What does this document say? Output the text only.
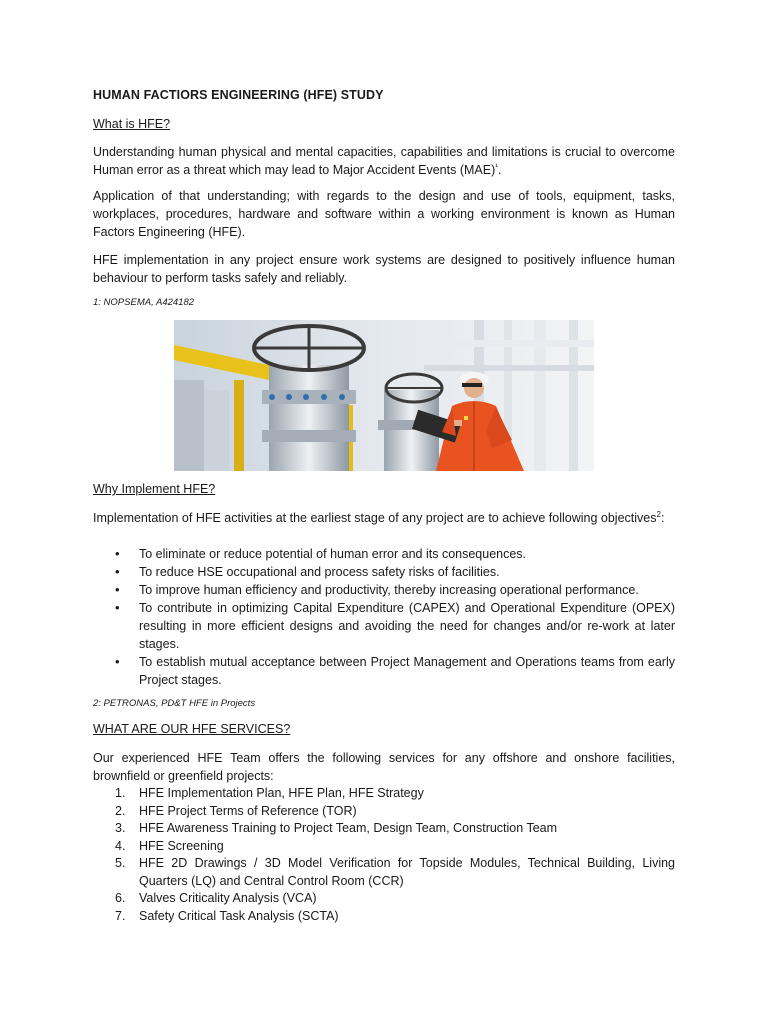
HUMAN FACTIORS ENGINEERING (HFE) STUDY
What is HFE?
Understanding human physical and mental capacities, capabilities and limitations is crucial to overcome Human error as a threat which may lead to Major Accident Events (MAE)$^{^1}$.
Application of that understanding; with regards to the design and use of tools, equipment, tasks, workplaces, procedures, hardware and software within a working environment is known as Human Factors Engineering (HFE).
HFE implementation in any project ensure work systems are designed to positively influence human behaviour to perform tasks safely and reliably.
1: NOPSEMA, A424182
Why Implement HFE?
Implementation of HFE activities at the earliest stage of any project are to achieve following objectives$^2$:
• To eliminate or reduce potential of human error and its consequences.
• To reduce HSE occupational and process safety risks of facilities.
• To improve human efficiency and productivity, thereby increasing operational performance.
• To contribute in optimizing Capital Expenditure (CAPEX) and Operational Expenditure (OPEX) resulting in more efficient designs and avoiding the need for changes and/or re-work at later stages.
• To establish mutual acceptance between Project Management and Operations teams from early Project stages.
2: PETRONAS, PD&T HFE in Projects
WHAT ARE OUR HFE SERVICES?
Our experienced HFE Team offers the following services for any offshore and onshore facilities, brownfield or greenfield projects:
1. HFE Implementation Plan, HFE Plan, HFE Strategy
2. HFE Project Terms of Reference (TOR)
3. HFE Awareness Training to Project Team, Design Team, Construction Team
4. HFE Screening
5. HFE 2D Drawings / 3D Model Verification for Topside Modules, Technical Building, Living Quarters (LQ) and Central Control Room (CCR)
6. Valves Criticality Analysis (VCA)
7. Safety Critical Task Analysis (SCTA)
